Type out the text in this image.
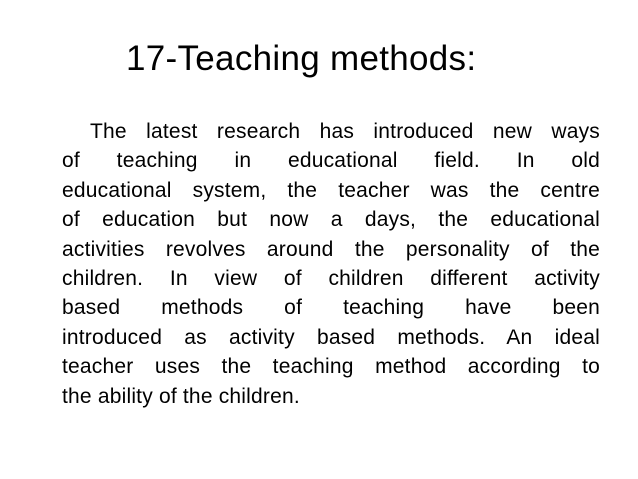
17-Teaching methods:
The latest research has introduced new ways
of teaching in educational field. In old
educational system, the teacher was the centre
of education but now a days, the educational
activities revolves around the personality of the
children. In view of children different activity
based methods of teaching have been
introduced as activity based methods. An ideal
teacher uses the teaching method according to
the ability of the children.
